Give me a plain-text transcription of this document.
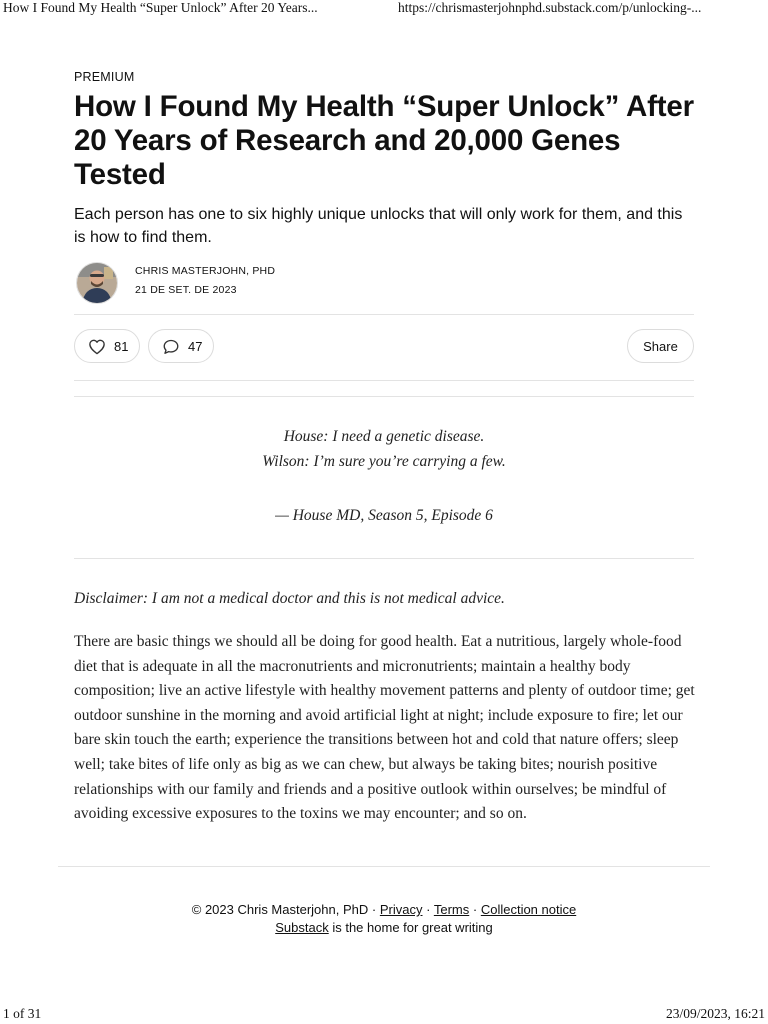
How I Found My Health “Super Unlock” After 20 Years...	https://chrismasterjohnphd.substack.com/p/unlocking-...
PREMIUM
How I Found My Health “Super Unlock” After 20 Years of Research and 20,000 Genes Tested

Each person has one to six highly unique unlocks that will only work for them, and this is how to find them.

CHRIS MASTERJOHN, PHD
21 DE SET. DE 2023
81	47	Share
House: I need a genetic disease.
Wilson: I’m sure you’re carrying a few.
— House MD, Season 5, Episode 6

Disclaimer: I am not a medical doctor and this is not medical advice.

There are basic things we should all be doing for good health. Eat a nutritious, largely whole-food diet that is adequate in all the macronutrients and micronutrients; maintain a healthy body composition; live an active lifestyle with healthy movement patterns and plenty of outdoor time; get outdoor sunshine in the morning and avoid artificial light at night; include exposure to fire; let our bare skin touch the earth; experience the transitions between hot and cold that nature offers; sleep well; take bites of life only as big as we can chew, but always be taking bites; nourish positive relationships with our family and friends and a positive outlook within ourselves; be mindful of avoiding excessive exposures to the toxins we may encounter; and so on.

© 2023 Chris Masterjohn, PhD · Privacy · Terms · Collection notice
Substack is the home for great writing
1 of 31	23/09/2023, 16:21
